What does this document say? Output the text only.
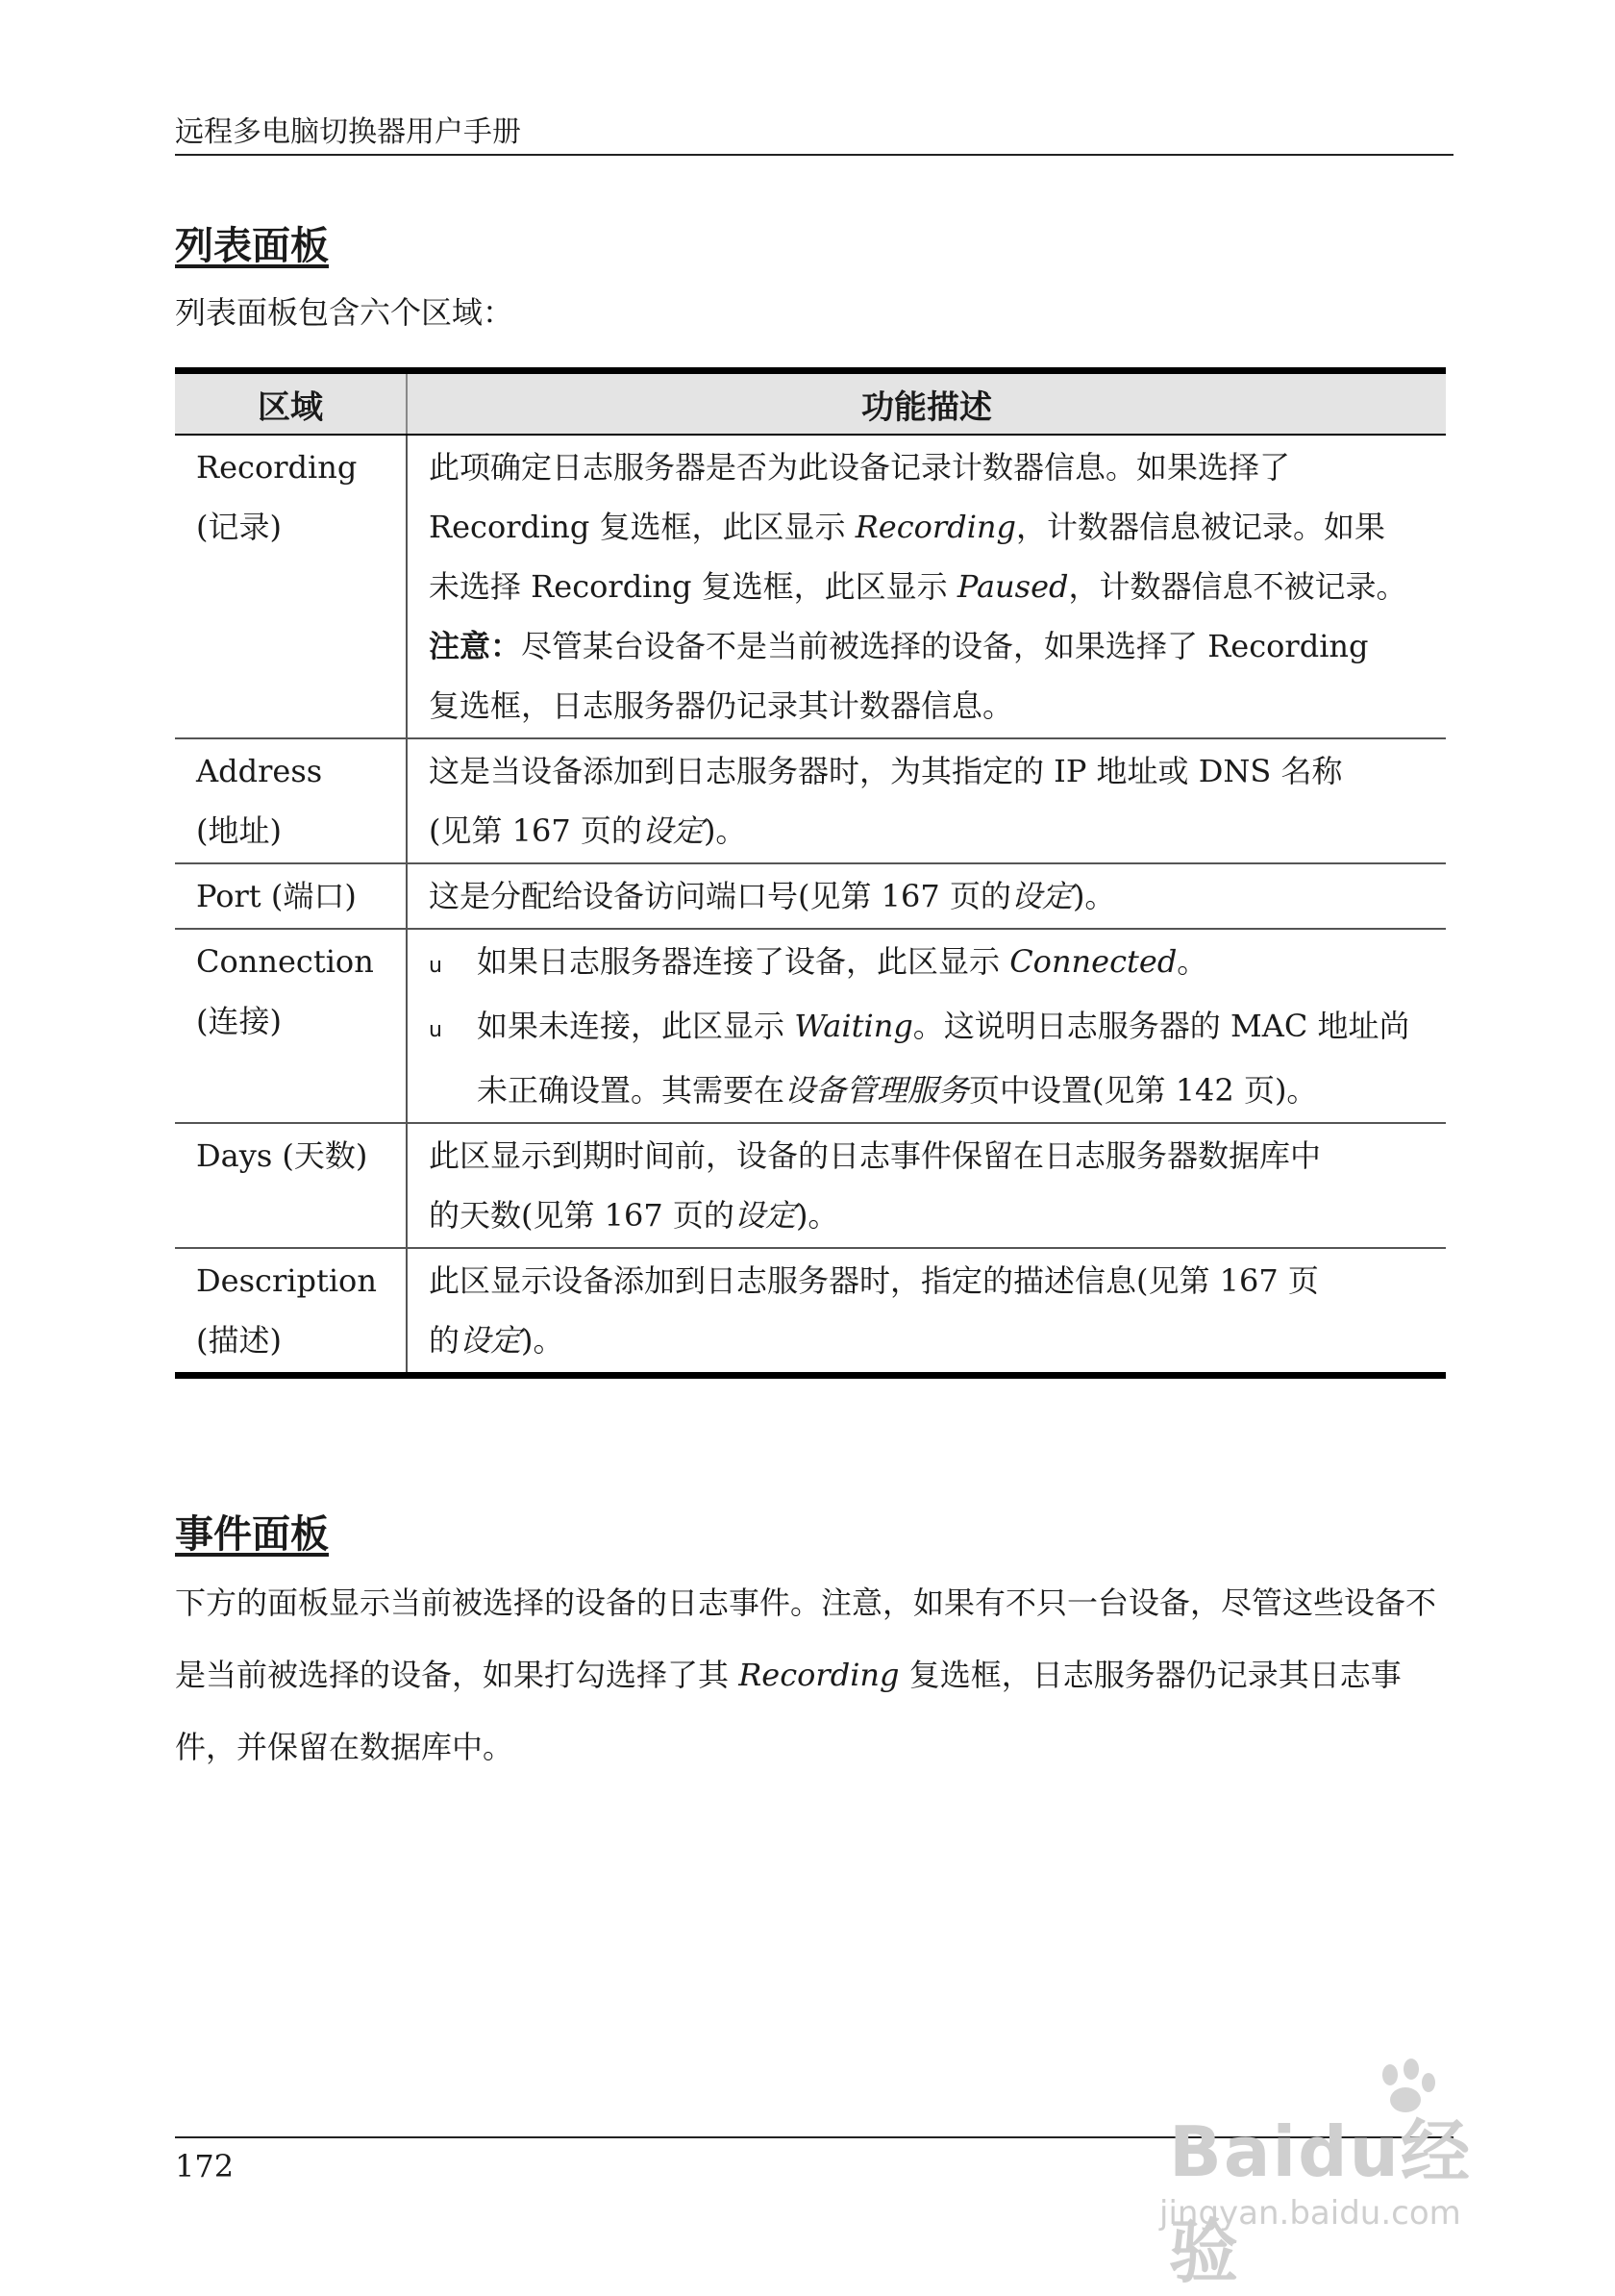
远程多电脑切换器用户手册
列表面板
列表面板包含六个区域：
区域	功能描述

Recording
(记录)	此项确定日志服务器是否为此设备记录计数器信息。如果选择了
Recording 复选框，此区显示 Recording，计数器信息被记录。如果
未选择 Recording 复选框，此区显示 Paused，计数器信息不被记录。
注意：尽管某台设备不是当前被选择的设备，如果选择了 Recording
复选框，日志服务器仍记录其计数器信息。

Address
(地址)	这是当设备添加到日志服务器时，为其指定的 IP 地址或 DNS 名称
(见第 167 页的设定)。

Port (端口)	这是分配给设备访问端口号(见第 167 页的设定)。

Connection
(连接)	u 如果日志服务器连接了设备，此区显示 Connected。
u 如果未连接，此区显示 Waiting。这说明日志服务器的 MAC 地址尚未正确设置。其需要在设备管理服务页中设置(见第 142 页)。

Days (天数)	此区显示到期时间前，设备的日志事件保留在日志服务器数据库中
的天数(见第 167 页的设定)。

Description
(描述)	此区显示设备添加到日志服务器时，指定的描述信息(见第 167 页
的设定)。
事件面板
下方的面板显示当前被选择的设备的日志事件。注意，如果有不只一台设备，尽管这些设备不是当前被选择的设备，如果打勾选择了其 Recording 复选框，日志服务器仍记录其日志事件，并保留在数据库中。
172	Baidu经验
jingyan.baidu.com
